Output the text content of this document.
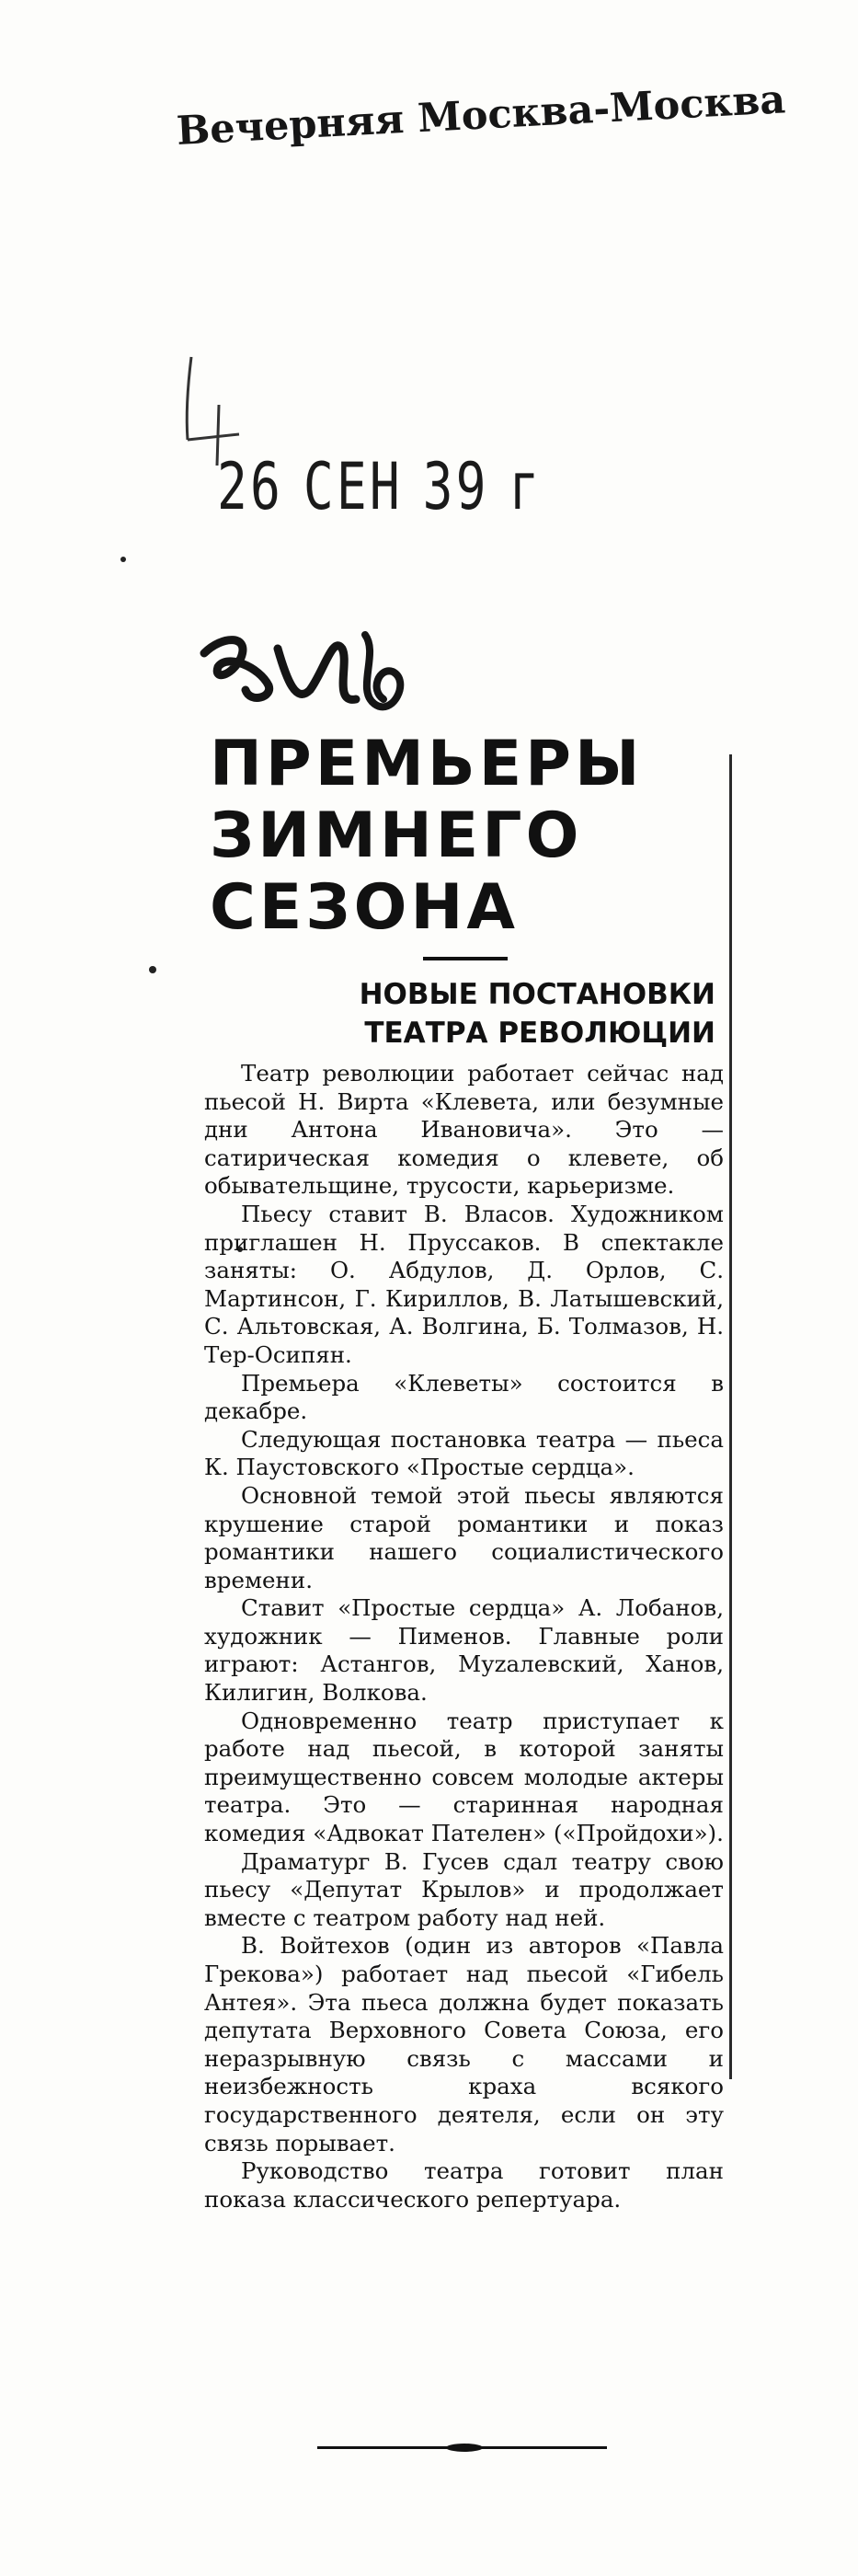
Вечерняя Москва-Москва
26 СЕН 39 г
ПРЕМЬЕРЫ
ЗИМНЕГО
СЕЗОНА
НОВЫЕ ПОСТАНОВКИ
ТЕАТРА РЕВОЛЮЦИИ

Театр революции работает сейчас над пьесой Н. Вирта «Клевета, или безумные дни Антона Ивановича». Это — сатирическая комедия о клевете, об обывательщине, трусости, карьеризме.

Пьесу ставит В. Власов. Художником приглашен Н. Пруссаков. В спектакле заняты: О. Абдулов, Д. Орлов, С. Мартинсон, Г. Кириллов, В. Латышевский, С. Альтовская, А. Волгина, Б. Толмазов, Н. Тер-Осипян.

Премьера «Клеветы» состоится в декабре.

Следующая постановка театра — пьеса К. Паустовского «Простые сердца».

Основной темой этой пьесы являются крушение старой романтики и показ романтики нашего социалистического времени.

Ставит «Простые сердца» А. Лобанов, художник — Пименов. Главные роли играют: Астангов, Муzалевский, Ханов, Килигин, Волкова.

Одновременно театр приступает к работе над пьесой, в которой заняты преимущественно совсем молодые актеры театра. Это — старинная народная комедия «Адвокат Пателен» («Пройдохи»).

Драматург В. Гусев сдал театру свою пьесу «Депутат Крылов» и продолжает вместе с театром работу над ней.

В. Войтехов (один из авторов «Павла Грекова») работает над пьесой «Гибель Антея». Эта пьеса должна будет показать депутата Верховного Совета Союза, его неразрывную связь с массами и неизбежность краха всякого государственного деятеля, если он эту связь порывает.

Руководство театра готовит план показа классического репертуара.
